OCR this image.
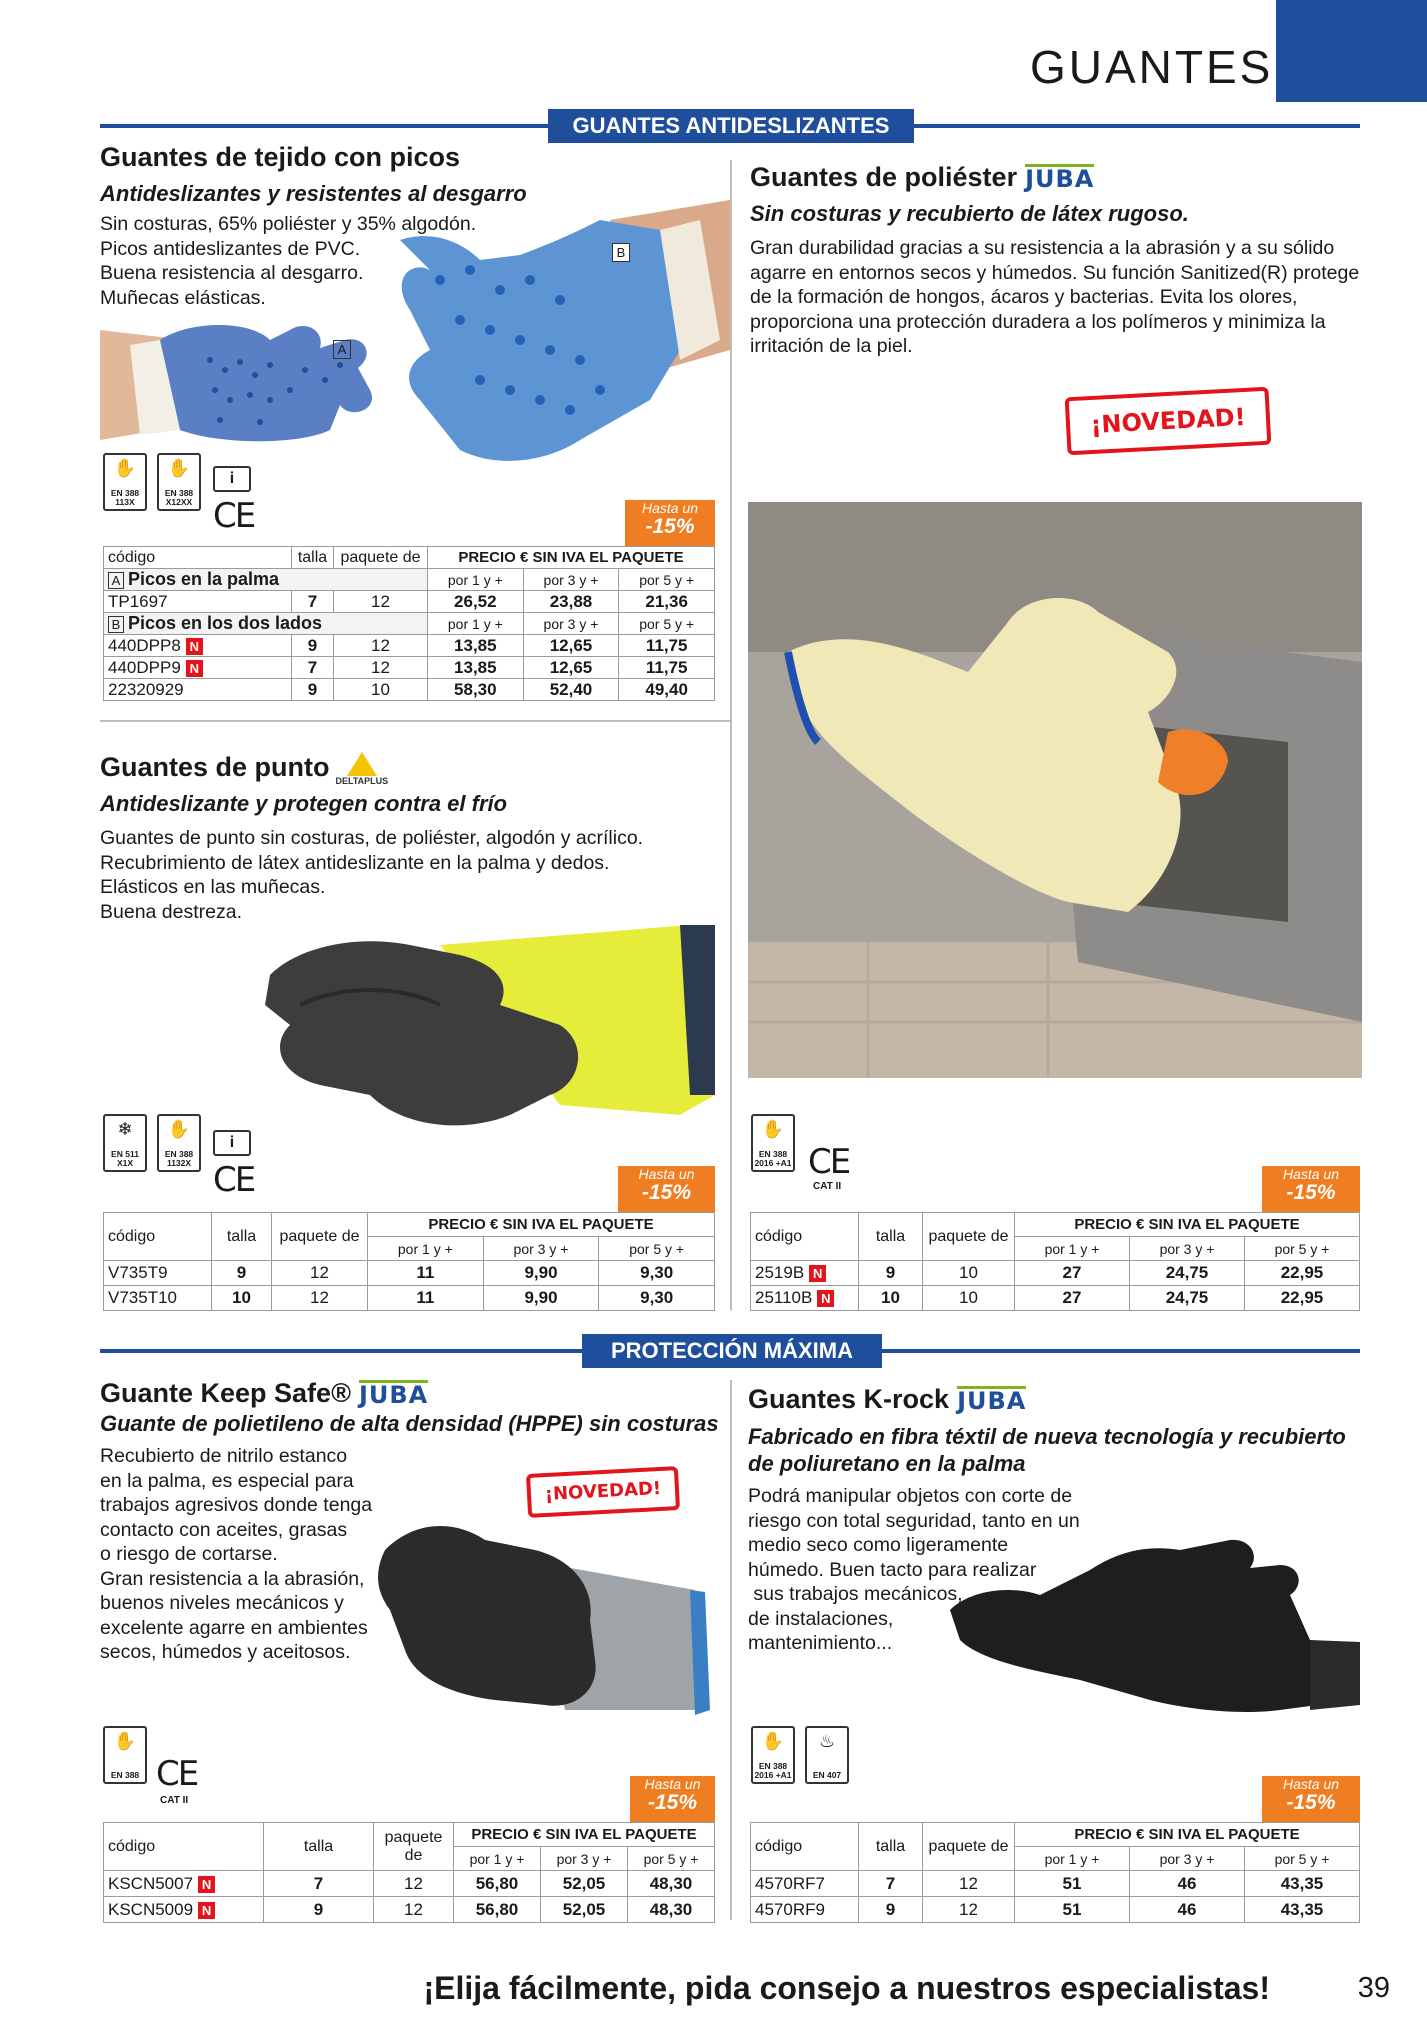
GUANTES
GUANTES ANTIDESLIZANTES
Guantes de tejido con picos
Antideslizantes y resistentes al desgarro

Sin costuras, 65% poliéster y 35% algodón.

Picos antideslizantes de PVC.

Buena resistencia al desgarro.

Muñecas elásticas.

A
B
✋
EN 388 113X
✋
EN 388 X12XX
i
CE	Hasta un
-15%
código	talla	paquete de	PRECIO € SIN IVA EL PAQUETE		
A Picos en la palma			por 1 y +	por 3 y +	por 5 y +
TP1697	7	12	26,52	23,88	21,36
B Picos en los dos lados			por 1 y +	por 3 y +	por 5 y +
440DPP8 N	9	12	13,85	12,65	11,75
440DPP9 N	7	12	13,85	12,65	11,75
22320929	9	10	58,30	52,40	49,40
Guantes de poliéster JUBA
Sin costuras y recubierto de látex rugoso.
Gran durabilidad gracias a su resistencia a la abrasión y a su sólido agarre en entornos secos y húmedos. Su función Sanitized(R) protege de la formación de hongos, ácaros y bacterias. Evita los olores, proporciona una protección duradera a los polímeros y minimiza la irritación de la piel.
¡NOVEDAD!
✋
EN 388 2016 +A1 CE
CAT II
Hasta un
-15%
código	talla	paquete de	PRECIO € SIN IVA EL PAQUETE		
			por 1 y +	por 3 y +	por 5 y +
2519B N	9	10	27	24,75	22,95
25110B N	10	10	27	24,75	22,95
Guantes de punto DELTAPLUS
Antideslizante y protegen contra el frío

Guantes de punto sin costuras, de poliéster, algodón y acrílico.

Recubrimiento de látex antideslizante en la palma y dedos.

Elásticos en las muñecas.

Buena destreza.

❄
EN 511 X1X
✋
EN 388 1132X
i
CE	Hasta un
-15%
código	talla	paquete de	PRECIO € SIN IVA EL PAQUETE		
			por 1 y +	por 3 y +	por 5 y +
V735T9	9	12	11	9,90	9,30
V735T10	10	12	11	9,90	9,30
PROTECCIÓN MÁXIMA
Guante Keep Safe® JUBA
Guante de polietileno de alta densidad (HPPE) sin costuras

Recubierto de nitrilo estanco

en la palma, es especial para

trabajos agresivos donde tenga

contacto con aceites, grasas

o riesgo de cortarse.

Gran resistencia a la abrasión,

buenos niveles mecánicos y

excelente agarre en ambientes

secos, húmedos y aceitosos.

¡NOVEDAD!
✋
EN 388 CE
CAT II
Hasta un
-15%
código	talla	paquete de	PRECIO € SIN IVA EL PAQUETE		
			por 1 y +	por 3 y +	por 5 y +
KSCN5007 N	7	12	56,80	52,05	48,30
KSCN5009 N	9	12	56,80	52,05	48,30
Guantes K-rock JUBA
Fabricado en fibra téxtil de nueva tecnología y recubierto de poliuretano en la palma

Podrá manipular objetos con corte de

riesgo con total seguridad, tanto en un

medio seco como ligeramente

húmedo. Buen tacto para realizar

sus trabajos mecánicos,

de instalaciones,

mantenimiento...

✋
EN 388 2016 +A1
♨
EN 407
Hasta un
-15%
código	talla	paquete de	PRECIO € SIN IVA EL PAQUETE		
			por 1 y +	por 3 y +	por 5 y +
4570RF7	7	12	51	46	43,35
4570RF9	9	12	51	46	43,35
¡Elija fácilmente, pida consejo a nuestros especialistas!	39
